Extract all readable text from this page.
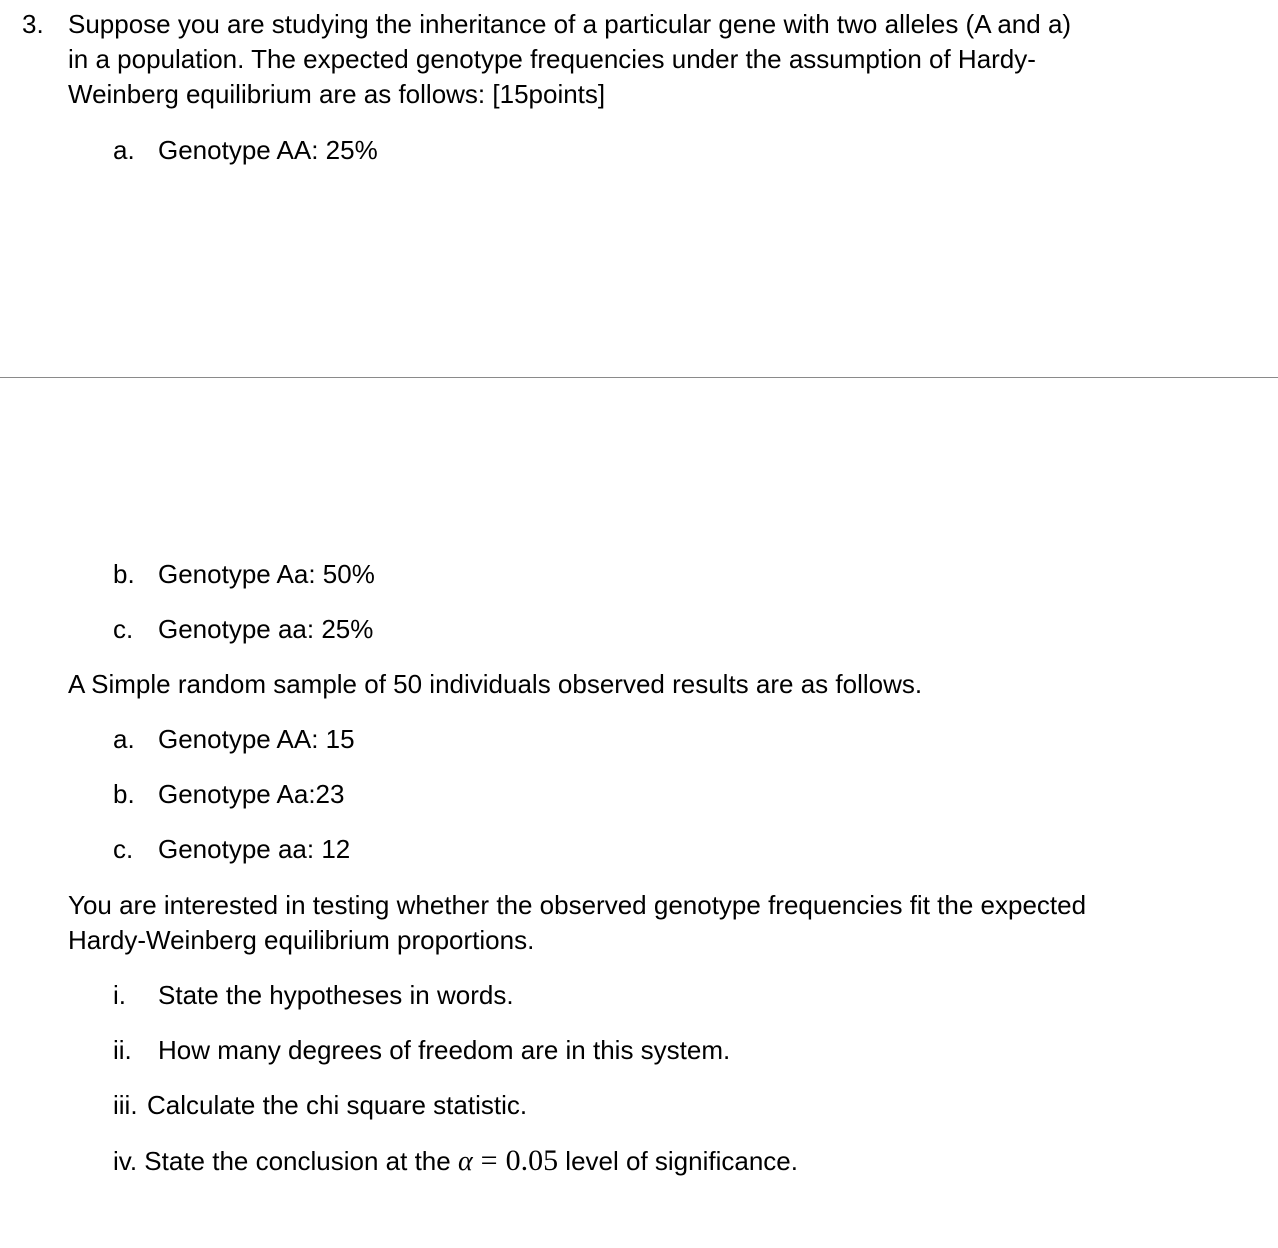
3. Suppose you are studying the inheritance of a particular gene with two alleles (A and a)
in a population. The expected genotype frequencies under the assumption of Hardy-
Weinberg equilibrium are as follows: [15points]
a. Genotype AA: 25%
b. Genotype Aa: 50%
c. Genotype aa: 25%
A Simple random sample of 50 individuals observed results are as follows.
a. Genotype AA: 15
b. Genotype Aa:23
c. Genotype aa: 12
You are interested in testing whether the observed genotype frequencies fit the expected
Hardy-Weinberg equilibrium proportions.
i. State the hypotheses in words.
ii. How many degrees of freedom are in this system.
iii. Calculate the chi square statistic.
iv. State the conclusion at the α = 0.05 level of significance.
